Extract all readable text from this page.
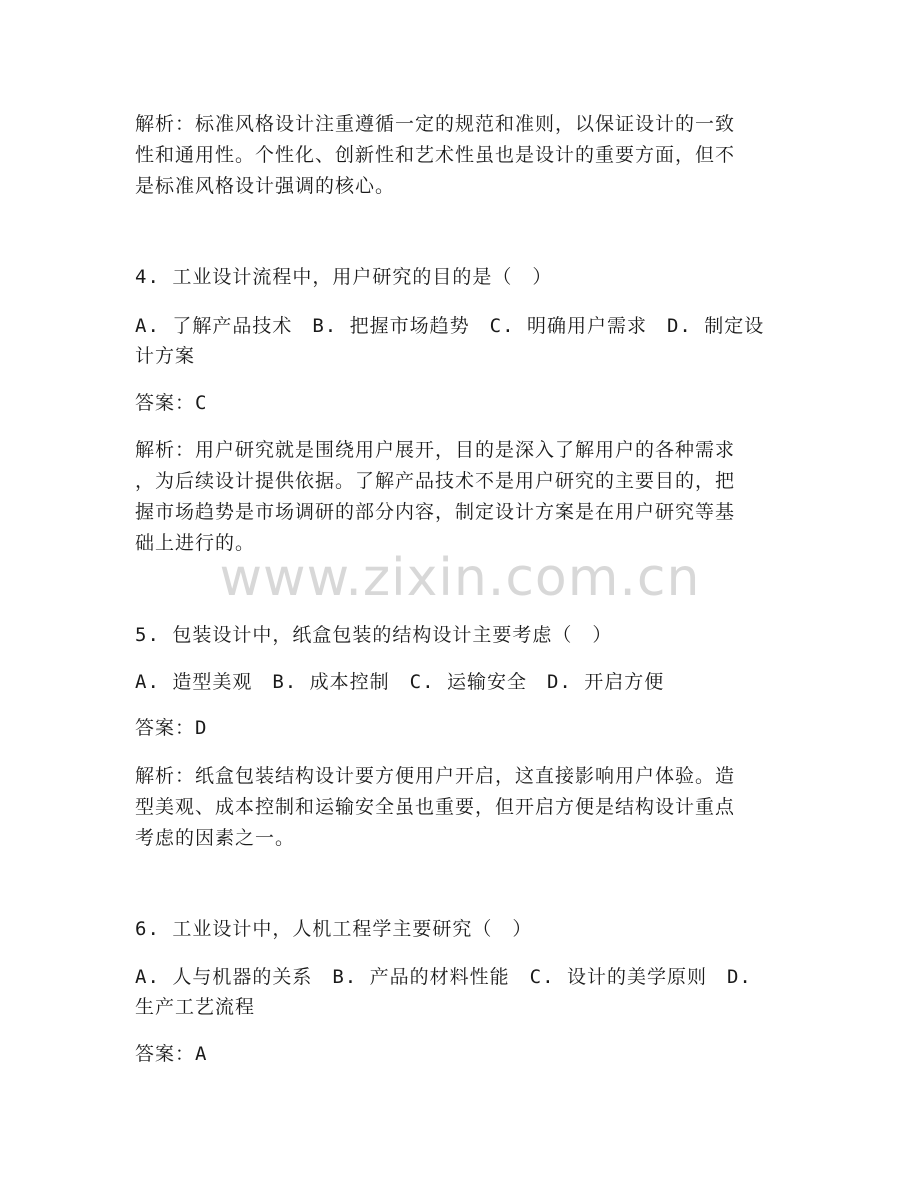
www.zixin.com.cn
解析：标准风格设计注重遵循一定的规范和准则，以保证设计的一致
性和通用性。个性化、创新性和艺术性虽也是设计的重要方面，但不
是标准风格设计强调的核心。
4. 工业设计流程中，用户研究的目的是（　）
A. 了解产品技术　B. 把握市场趋势　C. 明确用户需求　D. 制定设
计方案
答案：C
解析：用户研究就是围绕用户展开，目的是深入了解用户的各种需求
，为后续设计提供依据。了解产品技术不是用户研究的主要目的，把
握市场趋势是市场调研的部分内容，制定设计方案是在用户研究等基
础上进行的。
5. 包装设计中，纸盒包装的结构设计主要考虑（　）
A. 造型美观　B. 成本控制　C. 运输安全　D. 开启方便
答案：D
解析：纸盒包装结构设计要方便用户开启，这直接影响用户体验。造
型美观、成本控制和运输安全虽也重要，但开启方便是结构设计重点
考虑的因素之一。
6. 工业设计中，人机工程学主要研究（　）
A. 人与机器的关系　B. 产品的材料性能　C. 设计的美学原则　D.
生产工艺流程
答案：A
